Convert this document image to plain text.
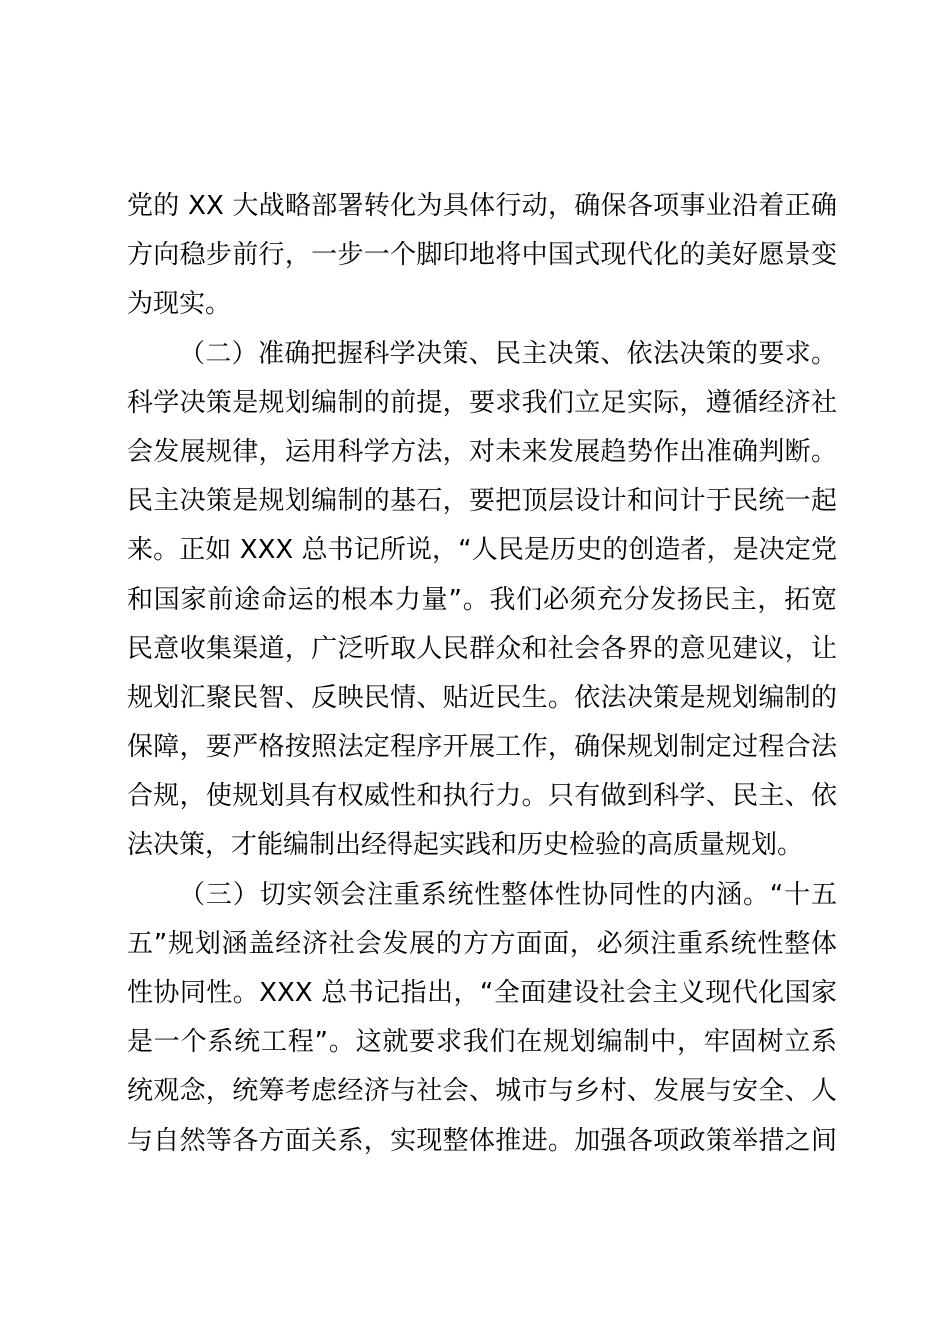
党的 XX 大战略部署转化为具体行动，确保各项事业沿着正确
方向稳步前行，一步一个脚印地将中国式现代化的美好愿景变
为现实。
（二）准确把握科学决策、民主决策、依法决策的要求。
科学决策是规划编制的前提，要求我们立足实际，遵循经济社
会发展规律，运用科学方法，对未来发展趋势作出准确判断。
民主决策是规划编制的基石，要把顶层设计和问计于民统一起
来。正如 XXX 总书记所说，“人民是历史的创造者，是决定党
和国家前途命运的根本力量”。我们必须充分发扬民主，拓宽
民意收集渠道，广泛听取人民群众和社会各界的意见建议，让
规划汇聚民智、反映民情、贴近民生。依法决策是规划编制的
保障，要严格按照法定程序开展工作，确保规划制定过程合法
合规，使规划具有权威性和执行力。只有做到科学、民主、依
法决策，才能编制出经得起实践和历史检验的高质量规划。
（三）切实领会注重系统性整体性协同性的内涵。“十五
五”规划涵盖经济社会发展的方方面面，必须注重系统性整体
性协同性。XXX 总书记指出，“全面建设社会主义现代化国家
是一个系统工程”。这就要求我们在规划编制中，牢固树立系
统观念，统筹考虑经济与社会、城市与乡村、发展与安全、人
与自然等各方面关系，实现整体推进。加强各项政策举措之间
